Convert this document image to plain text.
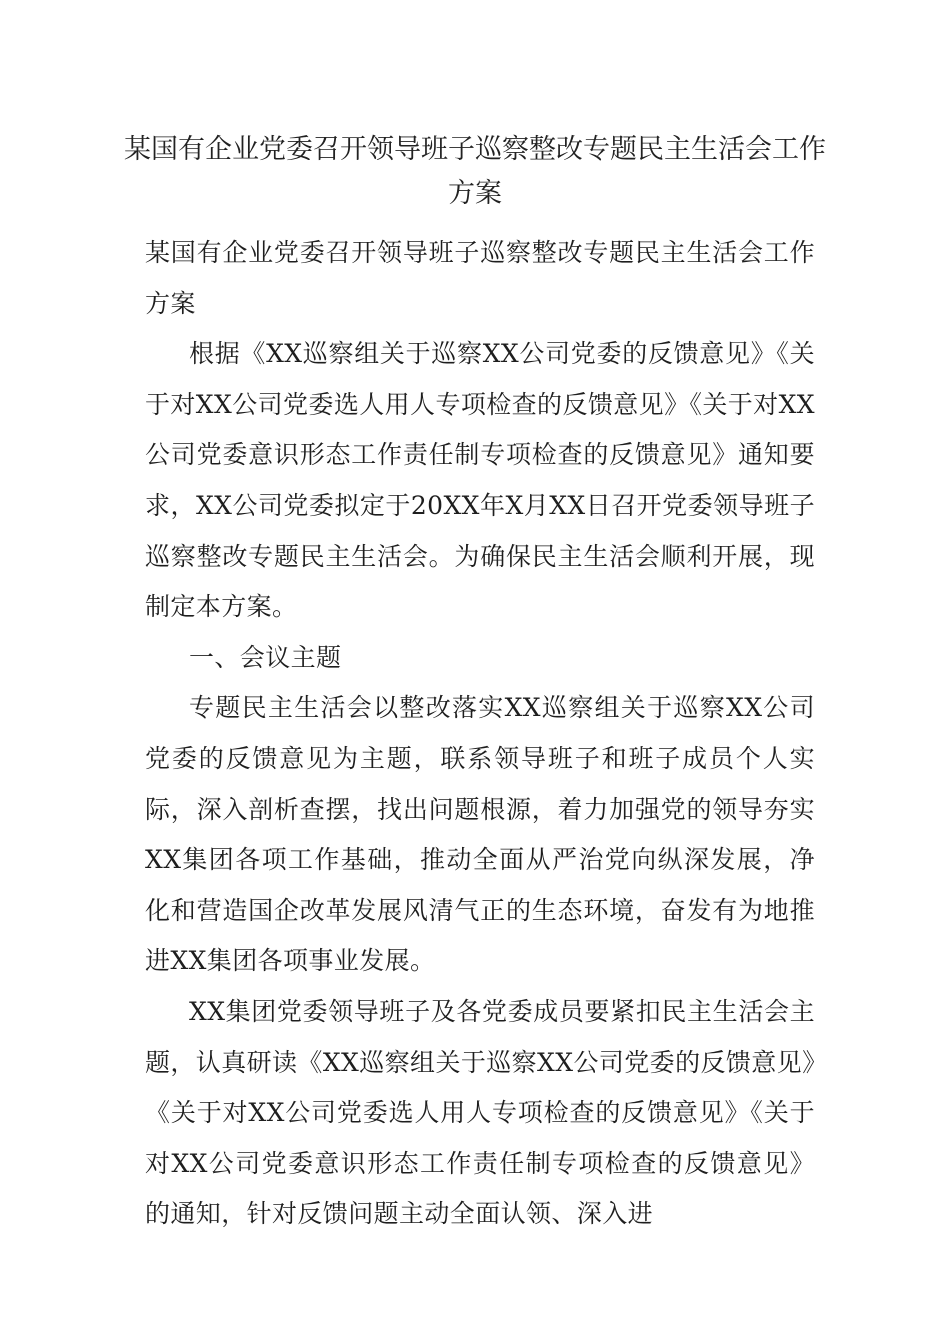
某国有企业党委召开领导班子巡察整改专题民主生活会工作方案

某国有企业党委召开领导班子巡察整改专题民主生活会工作方案

根据《XX巡察组关于巡察XX公司党委的反馈意见》《关于对XX公司党委选人用人专项检查的反馈意见》《关于对XX公司党委意识形态工作责任制专项检查的反馈意见》通知要求，XX公司党委拟定于20XX年X月XX日召开党委领导班子巡察整改专题民主生活会。为确保民主生活会顺利开展，现制定本方案。

一、会议主题

专题民主生活会以整改落实XX巡察组关于巡察XX公司党委的反馈意见为主题，联系领导班子和班子成员个人实际，深入剖析查摆，找出问题根源，着力加强党的领导夯实XX集团各项工作基础，推动全面从严治党向纵深发展，净化和营造国企改革发展风清气正的生态环境，奋发有为地推进XX集团各项事业发展。

XX集团党委领导班子及各党委成员要紧扣民主生活会主题，认真研读《XX巡察组关于巡察XX公司党委的反馈意见》《关于对XX公司党委选人用人专项检查的反馈意见》《关于对XX公司党委意识形态工作责任制专项检查的反馈意见》的通知，针对反馈问题主动全面认领、深入进
